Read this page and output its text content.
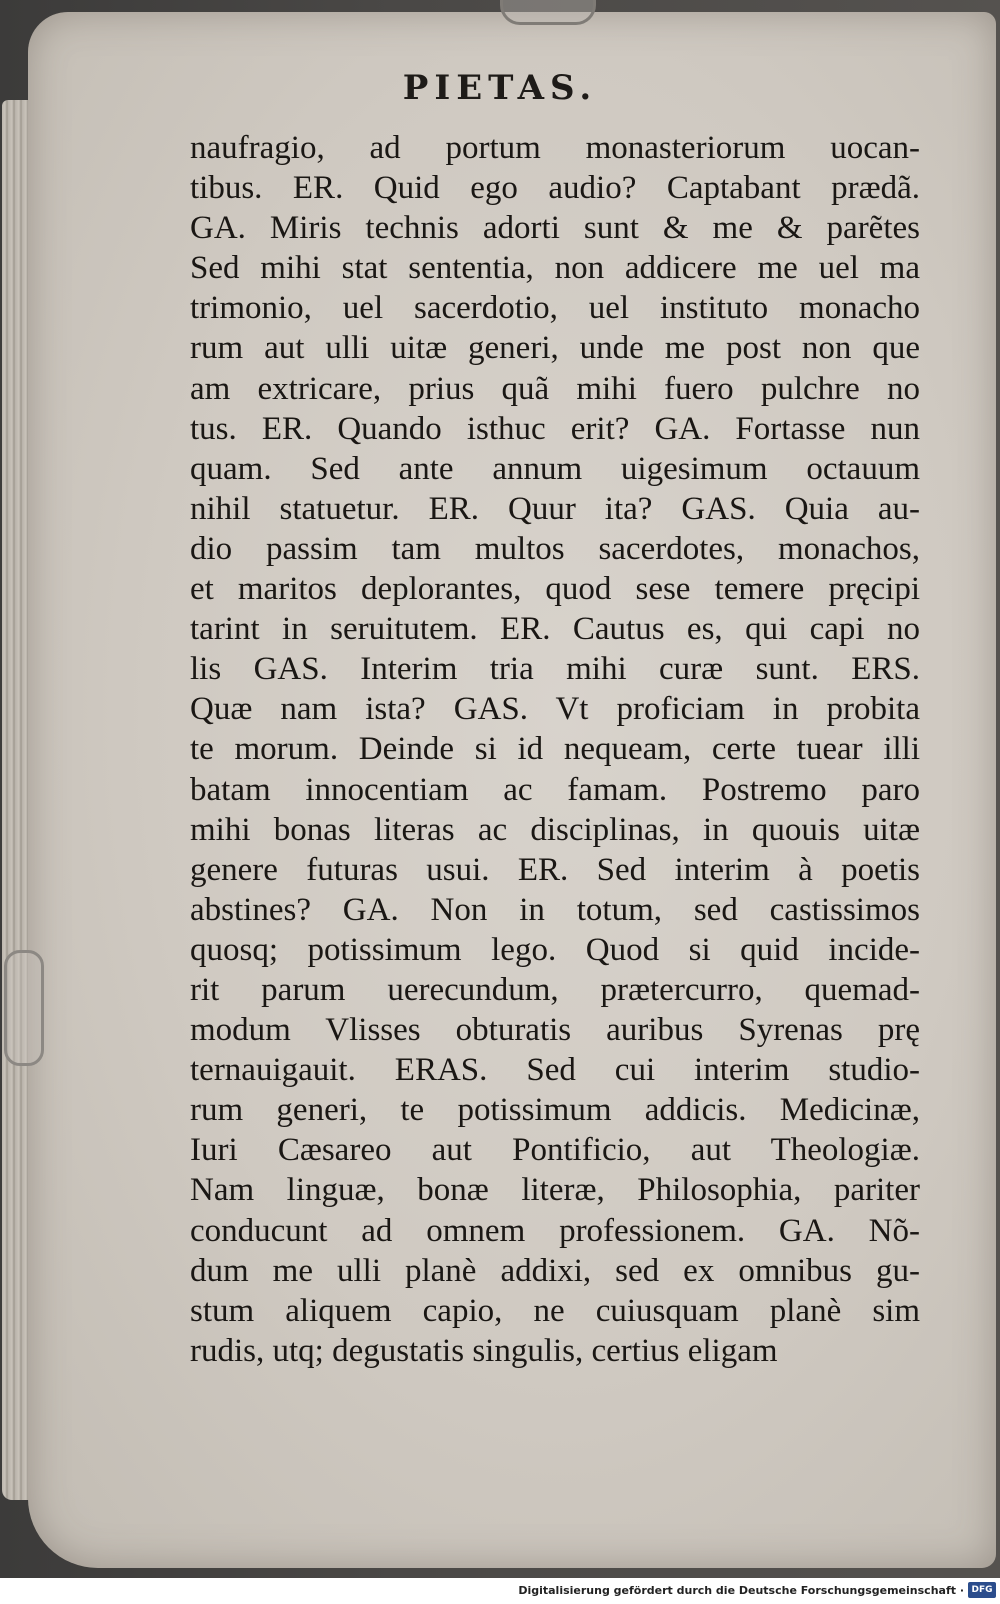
PIETAS.
naufragio, ad portum monasteriorum uocan-
tibus. ER. Quid ego audio? Captabant prædã.
GA. Miris technis adorti sunt & me & parẽtes
Sed mihi stat sententia, non addicere me uel ma
trimonio, uel sacerdotio, uel instituto monacho
rum aut ulli uitæ generi, unde me post non que
am extricare, prius quã mihi fuero pulchre no
tus. ER. Quando isthuc erit? GA. Fortasse nun
quam. Sed ante annum uigesimum octauum
nihil statuetur. ER. Quur ita? GAS. Quia au-
dio passim tam multos sacerdotes, monachos,
et maritos deplorantes, quod sese temere pręcipi
tarint in seruitutem. ER. Cautus es, qui capi no
lis GAS. Interim tria mihi curæ sunt. ERS.
Quæ nam ista? GAS. Vt proficiam in probita
te morum. Deinde si id nequeam, certe tuear illi
batam innocentiam ac famam. Postremo paro
mihi bonas literas ac disciplinas, in quouis uitæ
genere futuras usui. ER. Sed interim à poetis
abstines? GA. Non in totum, sed castissimos
quosq; potissimum lego. Quod si quid incide-
rit parum uerecundum, prætercurro, quemad-
modum Vlisses obturatis auribus Syrenas prę
ternauigauit. ERAS. Sed cui interim studio-
rum generi, te potissimum addicis. Medicinæ,
Iuri Cæsareo aut Pontificio, aut Theologiæ.
Nam linguæ, bonæ literæ, Philosophia, pariter
conducunt ad omnem professionem. GA. Nõ-
dum me ulli planè addixi, sed ex omnibus gu-
stum aliquem capio, ne cuiusquam planè sim
rudis, utq; degustatis singulis, certius eligam
Digitalisierung gefördert durch die Deutsche Forschungsgemeinschaft · DFG
